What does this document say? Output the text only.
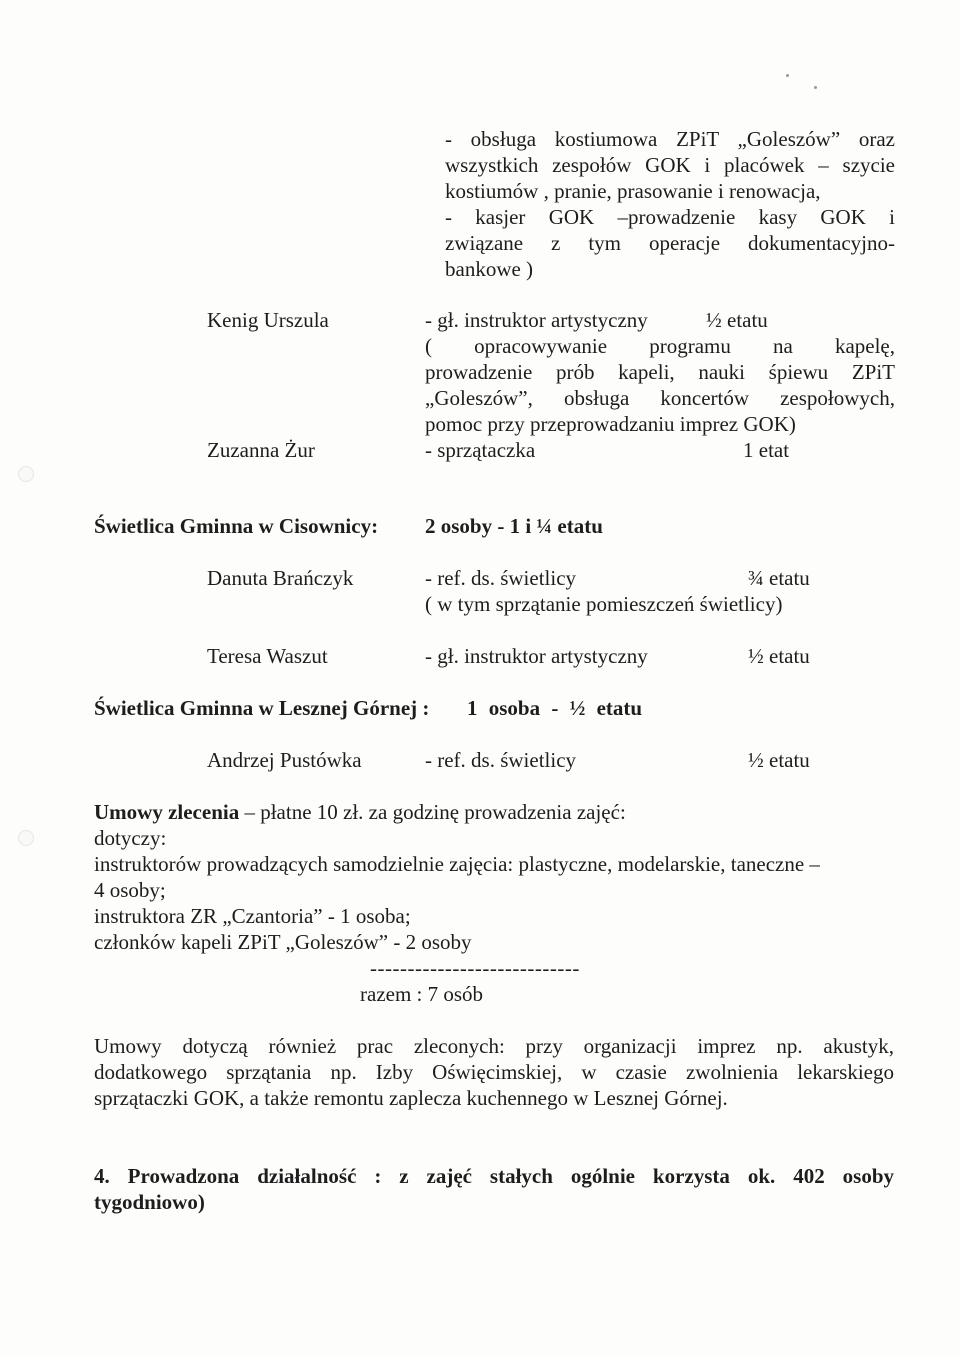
- obsługa kostiumowa ZPiT „Goleszów” oraz
wszystkich zespołów GOK i placówek – szycie
kostiumów , pranie, prasowanie i renowacja,
- kasjer GOK –prowadzenie kasy GOK i
związane z tym operacje dokumentacyjno-
bankowe )
Kenig Urszula	- gł. instruktor artystyczny	½ etatu
( opracowywanie programu na kapelę,
prowadzenie prób kapeli, nauki śpiewu ZPiT
„Goleszów”, obsługa koncertów zespołowych,
pomoc przy przeprowadzaniu imprez GOK)
Zuzanna Żur	- sprzątaczka	1 etat
Świetlica Gminna w Cisownicy: 2 osoby - 1 i ¼ etatu
Danuta Brańczyk	- ref. ds. świetlicy	¾ etatu
( w tym sprzątanie pomieszczeń świetlicy)
Teresa Waszut	- gł. instruktor artystyczny	½ etatu
Świetlica Gminna w Lesznej Górnej : 1 osoba - ½ etatu
Andrzej Pustówka	- ref. ds. świetlicy	½ etatu
Umowy zlecenia – płatne 10 zł. za godzinę prowadzenia zajęć:
dotyczy:
instruktorów prowadzących samodzielnie zajęcia: plastyczne, modelarskie, taneczne –
4 osoby;
instruktora ZR „Czantoria” - 1 osoba;
członków kapeli ZPiT „Goleszów” - 2 osoby
----------------------------
razem : 7 osób
Umowy dotyczą również prac zleconych: przy organizacji imprez np. akustyk,
dodatkowego sprzątania np. Izby Oświęcimskiej, w czasie zwolnienia lekarskiego
sprzątaczki GOK, a także remontu zaplecza kuchennego w Lesznej Górnej.
4. Prowadzona działalność : z zajęć stałych ogólnie korzysta ok. 402 osoby
tygodniowo)
